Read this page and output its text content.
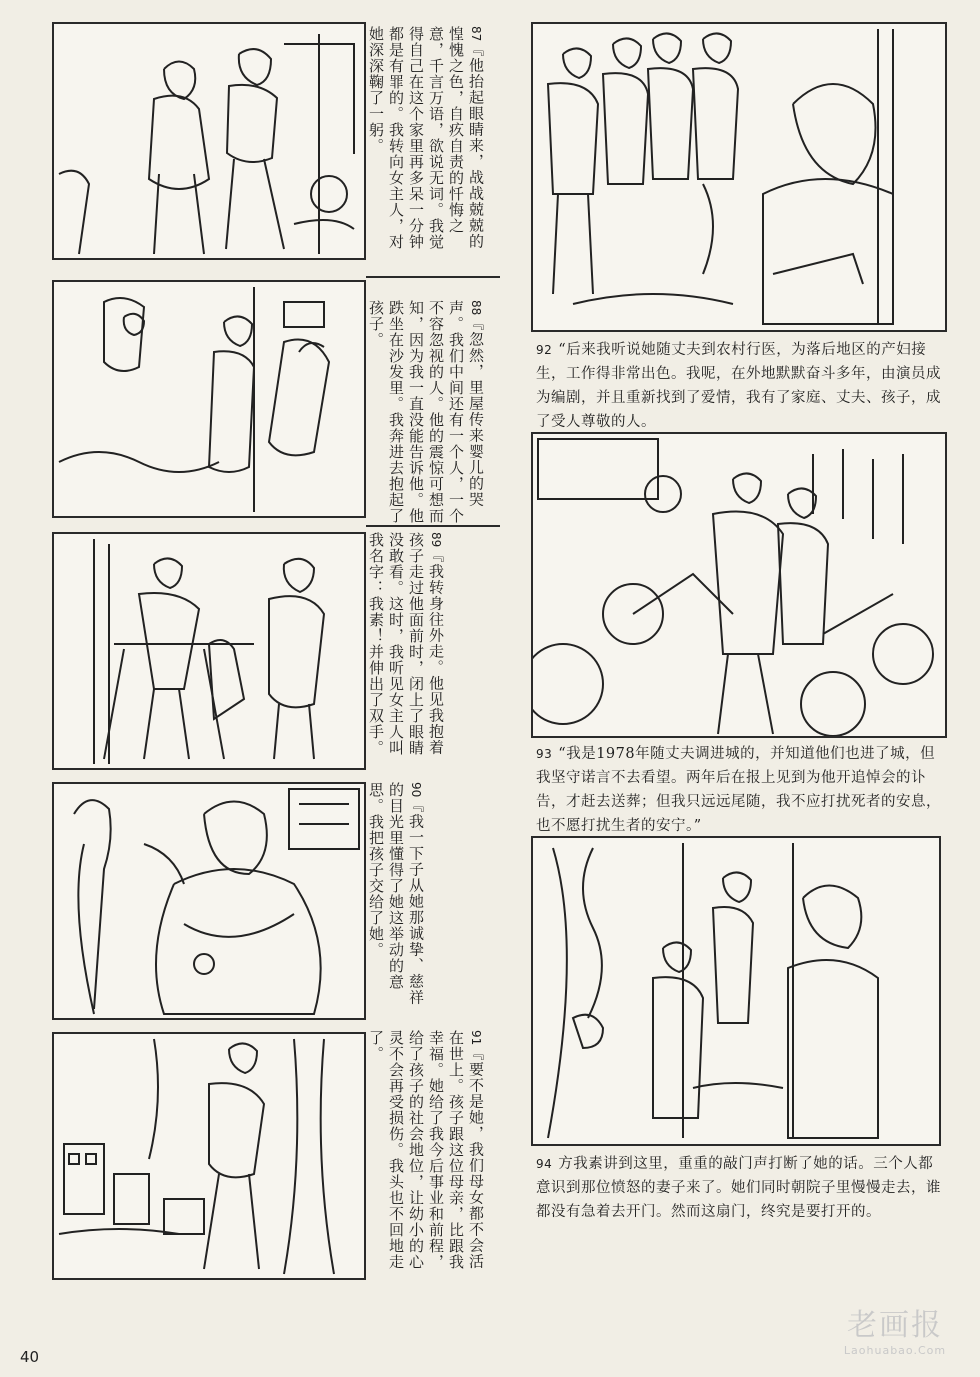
87『他抬起眼睛来，战战兢兢的惶愧之色，自疚自责的忏悔之意，千言万语，欲说无词。我觉得自己在这个家里再多呆一分钟都是有罪的。我转向女主人，对她深深鞠了一躬。
88『忽然，里屋传来婴儿的哭声。我们中间还有一个人，一个不容忽视的人。他的震惊可想而知，因为我一直没能告诉他。他跌坐在沙发里。我奔进去抱起了孩子。
89『我转身往外走。他见我抱着孩子走过他面前时，闭上了眼睛没敢看。这时，我听见女主人叫我名字：我素！并伸出了双手。
90『我一下子从她那诚挚、慈祥的目光里懂得了她这举动的意思。我把孩子交给了她。
91『要不是她，我们母女都不会活在世上。孩子跟这位母亲，比跟我幸福。她给了我今后事业和前程，给了孩子的社会地位，让幼小的心灵不会再受损伤。我头也不回地走了。
92 “后来我听说她随丈夫到农村行医，为落后地区的产妇接生，工作得非常出色。我呢，在外地默默奋斗多年，由演员成为编剧，并且重新找到了爱情，我有了家庭、丈夫、孩子，成了受人尊敬的人。
93 “我是1978年随丈夫调进城的，并知道他们也进了城，但我坚守诺言不去看望。两年后在报上见到为他开追悼会的讣告，才赶去送葬；但我只远远尾随，我不应打扰死者的安息，也不愿打扰生者的安宁。”
94 方我素讲到这里，重重的敲门声打断了她的话。三个人都意识到那位愤怒的妻子来了。她们同时朝院子里慢慢走去，谁都没有急着去开门。然而这扇门，终究是要打开的。
40
老画报
Laohuabao.Com
